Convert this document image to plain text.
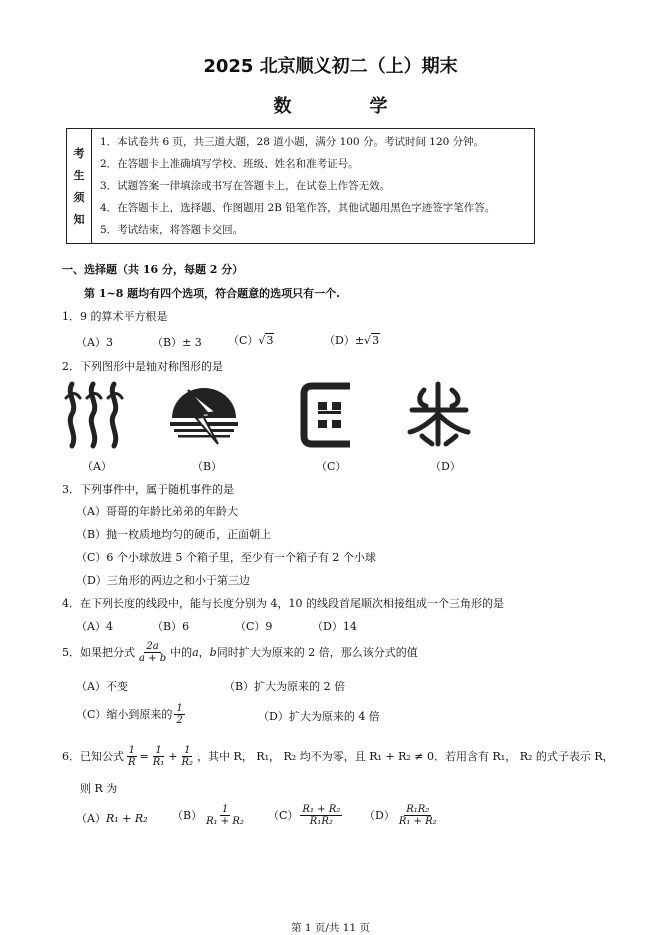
2025 北京顺义初二（上）期末
数　学
考
生
须
知
1．本试卷共 6 页，共三道大题，28 道小题，满分 100 分。考试时间 120 分钟。
2．在答题卡上准确填写学校、班级、姓名和准考证号。
3．试题答案一律填涂或书写在答题卡上，在试卷上作答无效。
4．在答题卡上，选择题、作图题用 2B 铅笔作答，其他试题用黑色字迹签字笔作答。
5．考试结束，将答题卡交回。
一、选择题（共 16 分，每题 2 分）
第 1~8 题均有四个选项，符合题意的选项只有一个.
1．9 的算术平方根是
（A）3	（B）± 3 （C）√3	（D）±√3
2．下列图形中是轴对称图形的是
（A）	（B）	（C）	（D）
3．下列事件中，属于随机事件的是
（A）哥哥的年龄比弟弟的年龄大
（B）抛一枚质地均匀的硬币，正面朝上
（C）6 个小球放进 5 个箱子里，至少有一个箱子有 2 个小球
（D）三角形的两边之和小于第三边
4．在下列长度的线段中，能与长度分别为 4，10 的线段首尾顺次相接组成一个三角形的是
（A）4	（B）6	（C）9	（D）14
5．如果把分式 $\frac{2a}{a + b}$ 中的 a ， b 同时扩大为原来的 2 倍，那么该分式的值
（A）不变	（B）扩大为原来的 2 倍
（C）缩小到原来的 $\frac{1}{2}$	（D）扩大为原来的 4 倍
6．已知公式 $\frac{1}{R} = \frac{1}{\text{R₁}} + \frac{1}{\text{R₂}}$ ，其中 R， R₁， R₂ 均不为零，且 R₁ + R₂ ≠ 0．若用含有 R₁， R₂ 的式子表示 R，
则 R 为
（A） R₁ + R₂ $(B) \frac{1}{\text{R₁ + R₂}} (C) \frac{\text{R₁ + R₂}}{\text{R₁R₂}} (D) \frac{\text{R₁R₂}}{\text{R₁ + R₂}}$
第 1 页/共 11 页
